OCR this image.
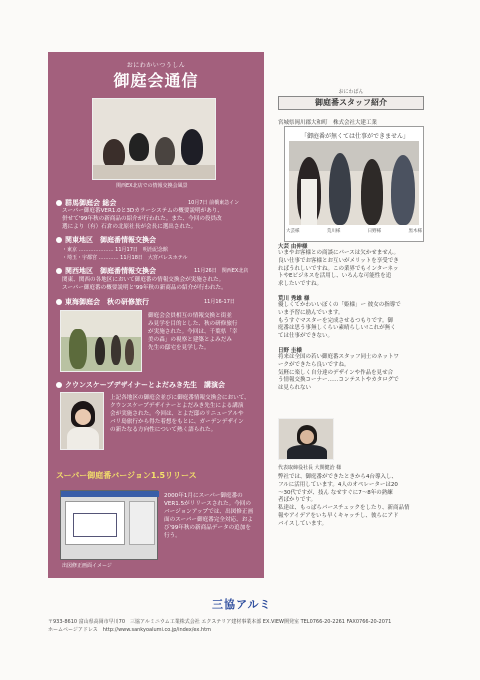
おにわかいつうしん
御庭会通信
関西EX北店での情報交換会風景
群馬御庭会 総会	10月7日 前橋東急イン
スーパー御庭番VER1.0と3Dカラーシステムの概要説明があり、
併せて'99年秋の新商品の紹介が行われた。また、今回の役員改
選により（有）石倉の北原社長が会長に選出された。
関東地区　御庭番情報交換会
・東京 ………………… 11月17日　明治記念館
・埼玉・宇都宮 ………… 11月18日　大宮パレスホテル
関西地区　御庭番情報交換会	11月26日　関西EX北店
関東、関西の各地区において御庭番の情報交換会が実施された。
スーパー御庭番の概要説明と'99年秋の新商品の紹介が行われた。
東海御庭会　秋の研修旅行	11月16-17日
御庭会会員相互の情報交換と街並
み見学を目的とした、秋の研修旅行
が実施された。今回は、千葉県「幸
美の森」の視察と建築とよみだみ
先生の邸宅を見学した。
クウンスケープデザイナーとよだみき先生　講演会
上記各地区の御庭会並びに御庭番情報交換会において、
クウンスケープデザイナーとよだみき先生による講演
会が実施された。今回は、とよだ邸のリニューアルや
バリ島旅行から得た着想をもとに、ガーデンデザイン
の新たなる方向性について熱く語られた。
スーパー御庭番バージョン1.5リリース
出図修正画面イメージ
2000年1月にスーパー御庭番の
VER1.5がリリースされた。今回の
バージョンアップでは、出図修正画
面のスーパー御庭番完全対応、およ
び'99年秋の新商品データの追加を
行う。
おにわばん
御庭番スタッフ紹介
宮城県岡川郡大和町　株式会社大建工業
「御庭番が無くては仕事ができません」
大芸様	荒川様	日野様	黒木様
大芸 由伸様
いまやお客様との商談にパースは欠かせません。
良い仕事でお客様とお互いがメリットを享受でき
ればうれしいですね。この業界でもインターネッ
トやEビジネスを活用し、いろんな可能性を追
求したいですね。
荒川 秀雄 様
優しくてかわいいぼくの「姫様」ー 彼女の指導で
いま予習に励んでいます。
もうすぐマスターを完成させるつもりです。御
庭番は思う事無しくらい素晴らしい!これが無く
ては仕事ができない。
日野 圭様
将来は全国の若い御庭番スタッフ同士のネットワ
ークができたら良いですね。
気軽に楽しく自分達のデザインや作品を見せ合
う情報交換コーナー……コンテストやカタログで
は見られない
代表取締役社長 大関健治 様
弊社では、御庭番ができたときから4台導入し、
フルに活用しています。4人のオペレーターは20
～30代ですが、技ん なせすぐに7～8年の熟練
者ばかりです。
私達は、もっぱらパースチェックをしたり、新商品情
報やアイデアをいち早くキャッチし、彼らにアド
バイスしています。
三協アルミ
〒933-8610 富山県高岡市早川70　三協アルミニウム工業株式会社 エクステリア建材事業本部 EX.VIEW開発室 TEL0766-20-2261 FAX0766-20-2071
ホームページアドレス　http://www.sankyoalumi.co.jp/index/ex.htm
